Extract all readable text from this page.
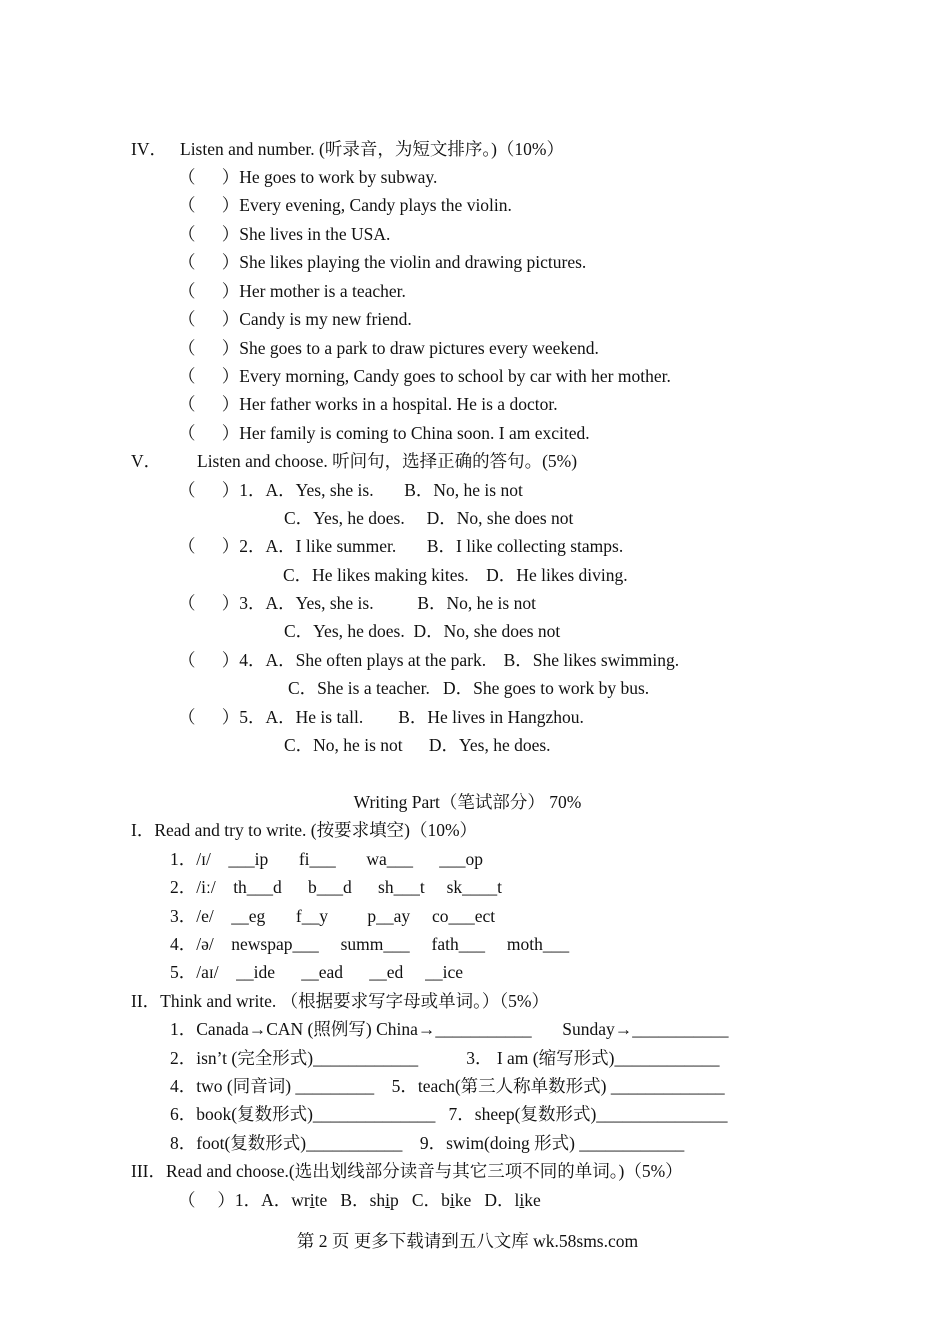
IV． Listen and number. (听录音，为短文排序。)（10%）
（      ）He goes to work by subway.
（      ）Every evening, Candy plays the violin.
（      ）She lives in the USA.
（      ）She likes playing the violin and drawing pictures.
（      ）Her mother is a teacher.
（      ）Candy is my new friend.
（      ）She goes to a park to draw pictures every weekend.
（      ）Every morning, Candy goes to school by car with her mother.
（      ）Her father works in a hospital. He is a doctor.
（      ）Her family is coming to China soon. I am excited.
V． Listen and choose. 听问句，选择正确的答句。(5%)
（      ）1．A．Yes, she is.       B．No, he is not
C．Yes, he does.     D．No, she does not
（      ）2．A．I like summer.       B．I like collecting stamps.
C．He likes making kites.    D．He likes diving.
（      ）3．A．Yes, she is.          B．No, he is not
C．Yes, he does.  D．No, she does not
（      ）4．A．She often plays at the park.    B．She likes swimming.
C．She is a teacher.   D．She goes to work by bus.
（      ）5．A．He is tall.        B．He lives in Hangzhou.
C．No, he is not      D．Yes, he does.
Writing Part（笔试部分） 70%
I．Read and try to write. (按要求填空)（10%）
1．/ɪ/    ___ip       fi___       wa___      ___op
2．/iː/    th___d      b___d      sh___t     sk____t
3．/e/    __eg       f__y         p__ay     co___ect
4．/ə/    newspap___     summ___     fath___     moth___
5．/aɪ/    __ide      __ead      __ed     __ice
II．Think and write. （根据要求写字母或单词。）（5%）
1．Canada→CAN (照例写) China→___________       Sunday→___________
2．isn’t (完全形式)____________           3． I am (缩写形式)____________
4．two (同音词) _________    5．teach(第三人称单数形式) _____________
6．book(复数形式)______________   7．sheep(复数形式)_______________
8．foot(复数形式)___________    9．swim(doing 形式) ____________
III．Read and choose.(选出划线部分读音与其它三项不同的单词。)（5%）
（     ）1．A．write B．ship C．bike D．like
第 2 页 更多下载请到五八文库 wk.58sms.com
